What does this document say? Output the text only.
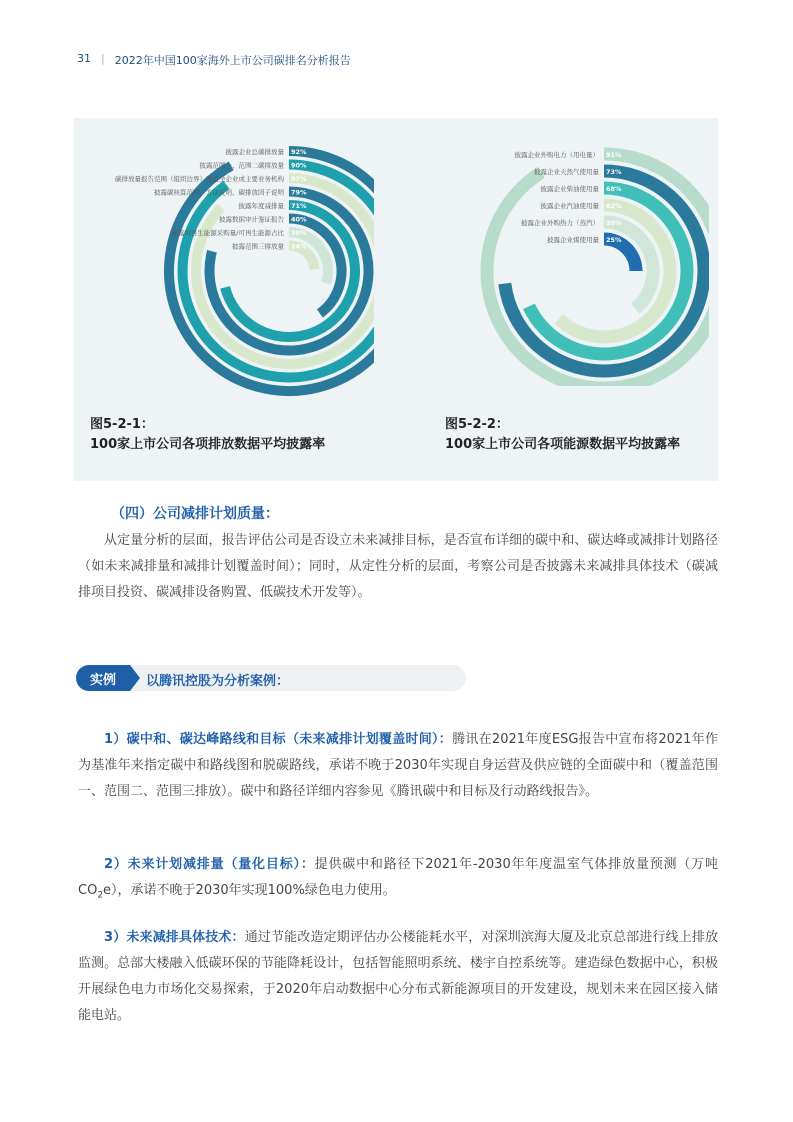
31 | 2022年中国100家海外上市公司碳排名分析报告
92%
披露企业总碳排放量
90%
披露范围一、范围二碳排放量
87%
碳排放量报告范围（组织边界）覆盖全企业或主要业务机构
79%
披露碳核算范围、方法说明、碳排放因子说明
71%
披露年度减排量
40%
披露数据审计鉴证报告
30%
披露可再生能源采购量/可再生能源占比
24%
披露范围三排放量
91%
披露企业外购电力（用电量）
73%
披露企业天然气使用量
68%
披露企业柴油使用量
62%
披露企业汽油使用量
39%
披露企业外购热力（蒸汽）
25%
披露企业煤使用量
图5-2-1：
100家上市公司各项排放数据平均披露率
图5-2-2：
100家上市公司各项能源数据平均披露率
（四）公司减排计划质量：
从定量分析的层面，报告评估公司是否设立未来减排目标，是否宣布详细的碳中和、碳达峰或减排计划路径（如未来减排量和减排计划覆盖时间）；同时，从定性分析的层面，考察公司是否披露未来减排具体技术（碳减排项目投资、碳减排设备购置、低碳技术开发等）。
实例	以腾讯控股为分析案例：
1）碳中和、碳达峰路线和目标（未来减排计划覆盖时间）：腾讯在2021年度ESG报告中宣布将2021年作为基准年来指定碳中和路线图和脱碳路线，承诺不晚于2030年实现自身运营及供应链的全面碳中和（覆盖范围一、范围二、范围三排放）。碳中和路径详细内容参见《腾讯碳中和目标及行动路线报告》。
2）未来计划减排量（量化目标）：提供碳中和路径下2021年-2030年年度温室气体排放量预测（万吨$CO_2e$），承诺不晚于2030年实现100%绿色电力使用。
3）未来减排具体技术：通过节能改造定期评估办公楼能耗水平，对深圳滨海大厦及北京总部进行线上排放监测。总部大楼融入低碳环保的节能降耗设计，包括智能照明系统、楼宇自控系统等。建造绿色数据中心，积极开展绿色电力市场化交易探索，于2020年启动数据中心分布式新能源项目的开发建设，规划未来在园区接入储能电站。
